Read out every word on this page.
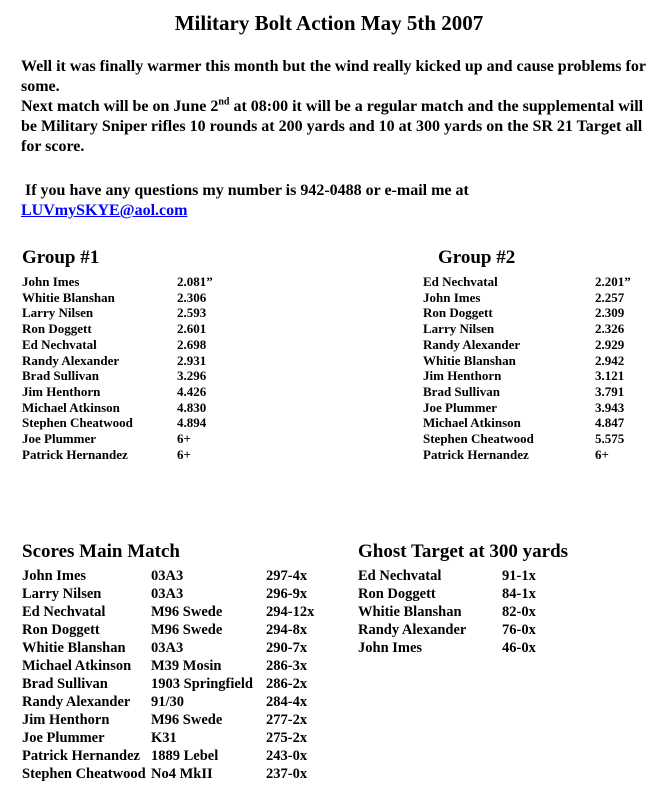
Military Bolt Action May 5th 2007

Well it was finally warmer this month but the wind really kicked up and cause problems for some.

Next match will be on June 2nd at 08:00 it will be a regular match and the supplemental will be Military Sniper rifles 10 rounds at 200 yards and 10 at 300 yards on the SR 21 Target all for score.

If you have any questions my number is 942-0488 or e-mail me at

LUVmySKYE@aol.com

Group #1
John Imes	2.081”
Whitie Blanshan	2.306
Larry Nilsen	2.593
Ron Doggett	2.601
Ed Nechvatal	2.698
Randy Alexander	2.931
Brad Sullivan	3.296
Jim Henthorn	4.426
Michael Atkinson	4.830
Stephen Cheatwood	4.894
Joe Plummer	6+
Patrick Hernandez	6+
Group #2
Ed Nechvatal	2.201”
John Imes	2.257
Ron Doggett	2.309
Larry Nilsen	2.326
Randy Alexander	2.929
Whitie Blanshan	2.942
Jim Henthorn	3.121
Brad Sullivan	3.791
Joe Plummer	3.943
Michael Atkinson	4.847
Stephen Cheatwood	5.575
Patrick Hernandez	6+
Scores Main Match
John Imes	03A3	297-4x
Larry Nilsen	03A3	296-9x
Ed Nechvatal	M96 Swede	294-12x
Ron Doggett	M96 Swede	294-8x
Whitie Blanshan	03A3	290-7x
Michael Atkinson	M39 Mosin	286-3x
Brad Sullivan	1903 Springfield 286-2x
Randy Alexander	91/30	284-4x
Jim Henthorn	M96 Swede	277-2x
Joe Plummer	K31	275-2x
Patrick Hernandez 1889 Lebel	243-0x
Stephen Cheatwood No4 MkII	237-0x
Ghost Target at 300 yards
Ed Nechvatal	91-1x
Ron Doggett	84-1x
Whitie Blanshan	82-0x
Randy Alexander	76-0x
John Imes	46-0x
